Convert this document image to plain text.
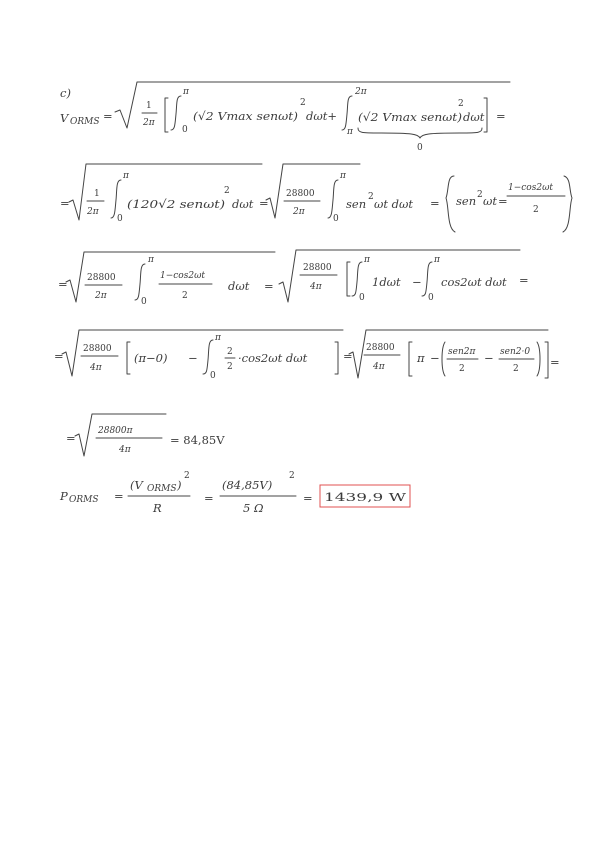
c)
V ORMS =
1
2π
π
0
(√2 Vmax senωt)
2
dωt+
2π
π
(√2 Vmax senωt)
2
dωt =
0
=
1
2π
π
0
(120√2 senωt)
2
dωt =
28800
2π
π
0
sen 2 ωt dωt = sen 2 ωt =
1−cos2ωt
2
= 28800
2π
π
0
1−cos2ωt
2
dωt =
28800
4π
π
0
1dωt −
π
0
cos2ωt dωt =
= 28800
4π
(π−0) −
π
0
2
2
·cos2ωt dωt	=
28800
4π
π − sen2π
2
− sen2·0
2	=
= 28800π
4π
= 84,85V
P ORMS =
(V ORMS )
2
R
=
(84,85V)
2
5 Ω
= 1439,9 W
